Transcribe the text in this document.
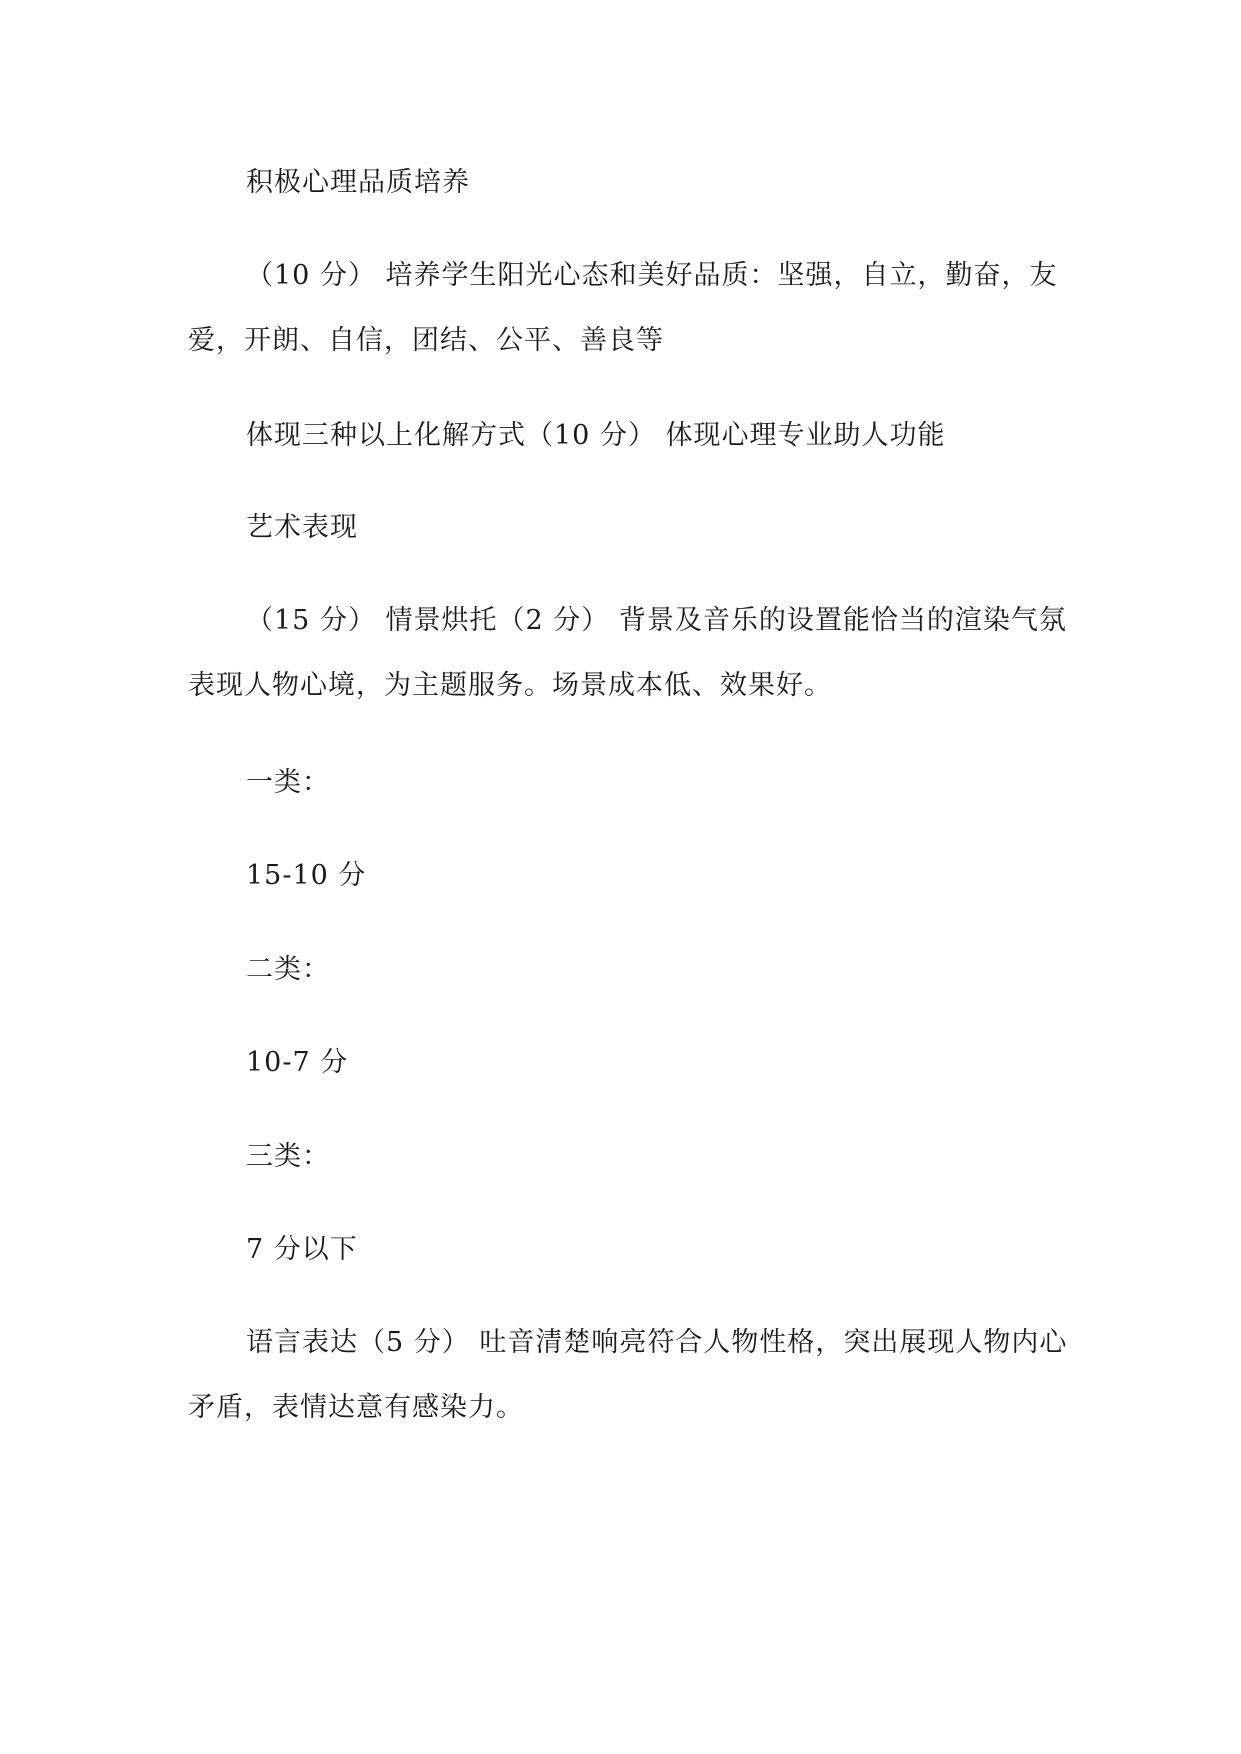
积极心理品质培养

（10 分） 培养学生阳光心态和美好品质：坚强，自立，勤奋，友爱，开朗、自信，团结、公平、善良等

体现三种以上化解方式（10 分） 体现心理专业助人功能

艺术表现

（15 分） 情景烘托（2 分） 背景及音乐的设置能恰当的渲染气氛表现人物心境，为主题服务。场景成本低、效果好。

一类：

15-10 分

二类：

10-7 分

三类：

7 分以下

语言表达（5 分） 吐音清楚响亮符合人物性格，突出展现人物内心矛盾，表情达意有感染力。
